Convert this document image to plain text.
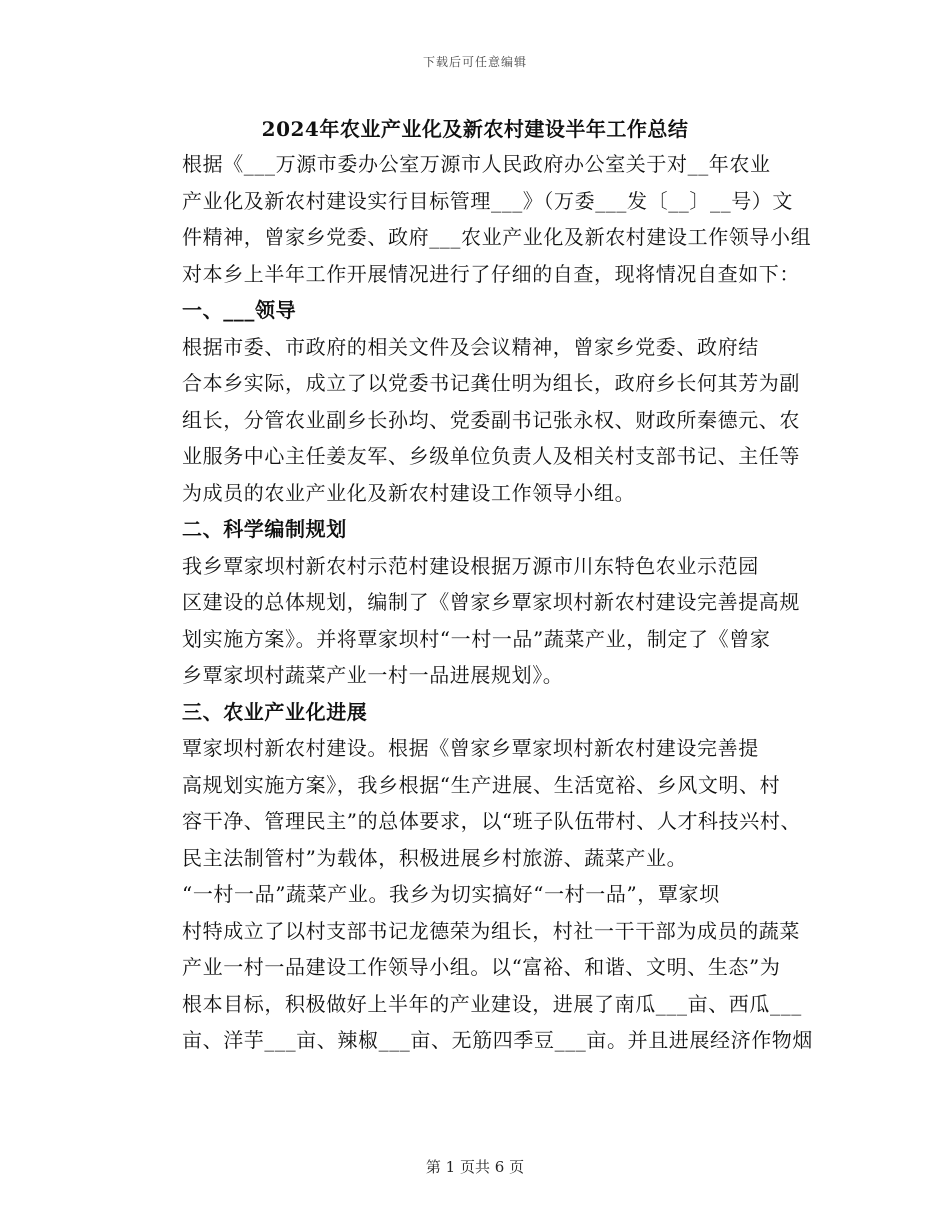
下载后可任意编辑
2024年农业产业化及新农村建设半年工作总结

根据《___万源市委办公室万源市人民政府办公室关于对__年农业
产业化及新农村建设实行目标管理___》（万委___发〔__〕__号）文
件精神，曾家乡党委、政府___农业产业化及新农村建设工作领导小组
对本乡上半年工作开展情况进行了仔细的自查，现将情况自查如下：

一、___领导

根据市委、市政府的相关文件及会议精神，曾家乡党委、政府结
合本乡实际，成立了以党委书记龚仕明为组长，政府乡长何其芳为副
组长，分管农业副乡长孙均、党委副书记张永权、财政所秦德元、农
业服务中心主任姜友军、乡级单位负责人及相关村支部书记、主任等
为成员的农业产业化及新农村建设工作领导小组。

二、科学编制规划

我乡覃家坝村新农村示范村建设根据万源市川东特色农业示范园
区建设的总体规划，编制了《曾家乡覃家坝村新农村建设完善提高规
划实施方案》。并将覃家坝村“一村一品”蔬菜产业，制定了《曾家
乡覃家坝村蔬菜产业一村一品进展规划》。

三、农业产业化进展

覃家坝村新农村建设。根据《曾家乡覃家坝村新农村建设完善提
高规划实施方案》，我乡根据“生产进展、生活宽裕、乡风文明、村
容干净、管理民主”的总体要求，以“班子队伍带村、人才科技兴村、
民主法制管村”为载体，积极进展乡村旅游、蔬菜产业。

“一村一品”蔬菜产业。我乡为切实搞好“一村一品”，覃家坝
村特成立了以村支部书记龙德荣为组长，村社一干干部为成员的蔬菜
产业一村一品建设工作领导小组。以“富裕、和谐、文明、生态”为
根本目标，积极做好上半年的产业建设，进展了南瓜___亩、西瓜___
亩、洋芋___亩、辣椒___亩、无筋四季豆___亩。并且进展经济作物烟

第 1 页共 6 页
